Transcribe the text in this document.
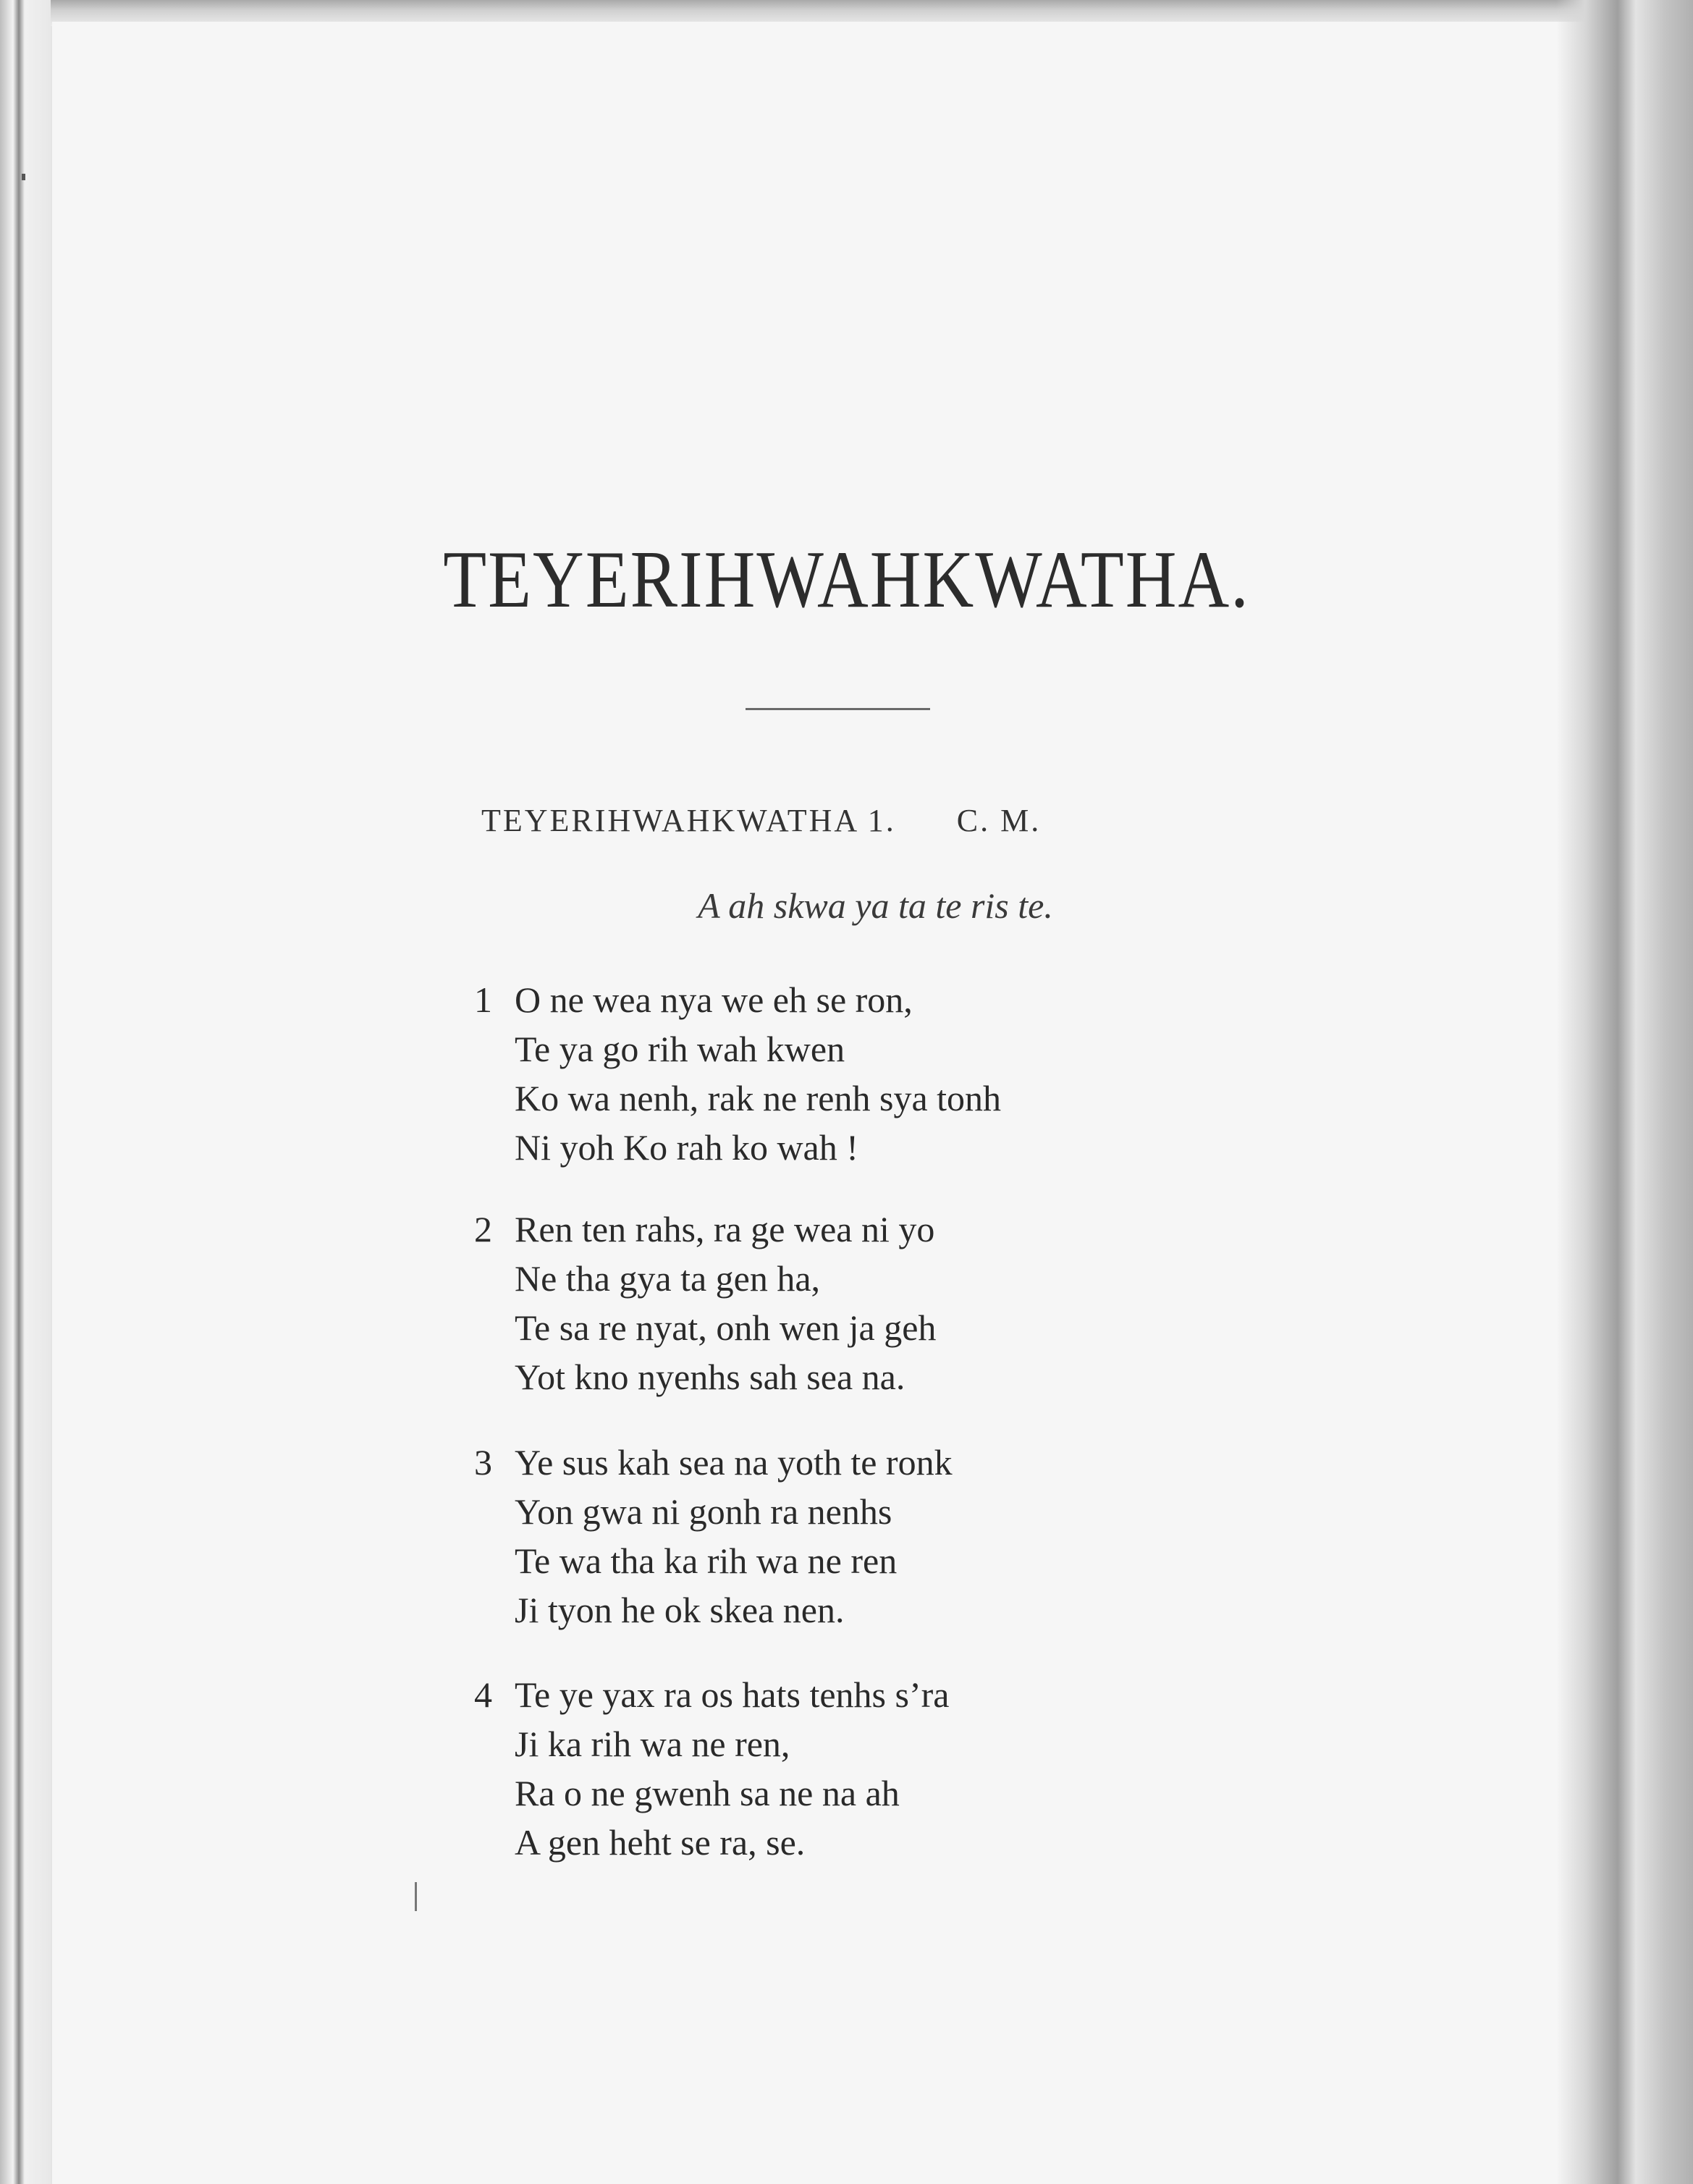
TEYERIHWAHKWATHA.
TEYERIHWAHKWATHA 1. C. M.
A ah skwa ya ta te ris te.
1 O ne wea nya we eh se ron,
Te ya go rih wah kwen
Ko wa nenh, rak ne renh sya tonh
Ni yoh Ko rah ko wah !
2 Ren ten rahs, ra ge wea ni yo
Ne tha gya ta gen ha,
Te sa re nyat, onh wen ja geh
Yot kno nyenhs sah sea na.
3 Ye sus kah sea na yoth te ronk
Yon gwa ni gonh ra nenhs
Te wa tha ka rih wa ne ren
Ji tyon he ok skea nen.
4 Te ye yax ra os hats tenhs s’ra
Ji ka rih wa ne ren,
Ra o ne gwenh sa ne na ah
A gen heht se ra, se.
